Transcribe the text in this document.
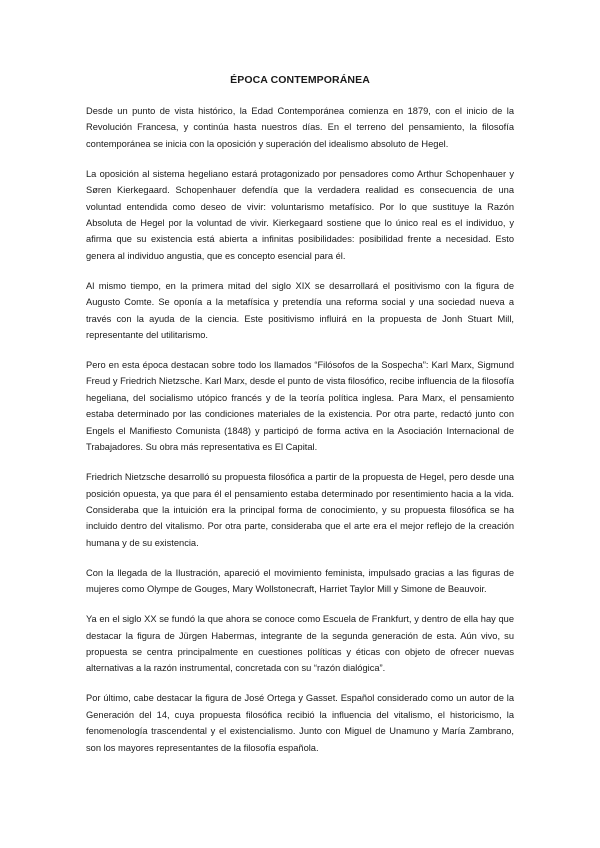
ÉPOCA CONTEMPORÁNEA

Desde un punto de vista histórico, la Edad Contemporánea comienza en 1879, con el inicio de la Revolución Francesa, y continúa hasta nuestros días. En el terreno del pensamiento, la filosofía contemporánea se inicia con la oposición y superación del idealismo absoluto de Hegel.

La oposición al sistema hegeliano estará protagonizado por pensadores como Arthur Schopenhauer y Søren Kierkegaard. Schopenhauer defendía que la verdadera realidad es consecuencia de una voluntad entendida como deseo de vivir: voluntarismo metafísico. Por lo que sustituye la Razón Absoluta de Hegel por la voluntad de vivir. Kierkegaard sostiene que lo único real es el individuo, y afirma que su existencia está abierta a infinitas posibilidades: posibilidad frente a necesidad. Esto genera al individuo angustia, que es concepto esencial para él.

Al mismo tiempo, en la primera mitad del siglo XIX se desarrollará el positivismo con la figura de Augusto Comte. Se oponía a la metafísica y pretendía una reforma social y una sociedad nueva a través con la ayuda de la ciencia. Este positivismo influirá en la propuesta de Jonh Stuart Mill, representante del utilitarismo.

Pero en esta época destacan sobre todo los llamados “Filósofos de la Sospecha”: Karl Marx, Sigmund Freud y Friedrich Nietzsche. Karl Marx, desde el punto de vista filosófico, recibe influencia de la filosofía hegeliana, del socialismo utópico francés y de la teoría política inglesa. Para Marx, el pensamiento estaba determinado por las condiciones materiales de la existencia. Por otra parte, redactó junto con Engels el Manifiesto Comunista (1848) y participó de forma activa en la Asociación Internacional de Trabajadores. Su obra más representativa es El Capital.

Friedrich Nietzsche desarrolló su propuesta filosófica a partir de la propuesta de Hegel, pero desde una posición opuesta, ya que para él el pensamiento estaba determinado por resentimiento hacia a la vida. Consideraba que la intuición era la principal forma de conocimiento, y su propuesta filosófica se ha incluido dentro del vitalismo. Por otra parte, consideraba que el arte era el mejor reflejo de la creación humana y de su existencia.

Con la llegada de la Ilustración, apareció el movimiento feminista, impulsado gracias a las figuras de mujeres como Olympe de Gouges, Mary Wollstonecraft, Harriet Taylor Mill y Simone de Beauvoir.

Ya en el siglo XX se fundó la que ahora se conoce como Escuela de Frankfurt, y dentro de ella hay que destacar la figura de Jürgen Habermas, integrante de la segunda generación de esta. Aún vivo, su propuesta se centra principalmente en cuestiones políticas y éticas con objeto de ofrecer nuevas alternativas a la razón instrumental, concretada con su “razón dialógica”.

Por último, cabe destacar la figura de José Ortega y Gasset. Español considerado como un autor de la Generación del 14, cuya propuesta filosófica recibió la influencia del vitalismo, el historicismo, la fenomenología trascendental y el existencialismo. Junto con Miguel de Unamuno y María Zambrano, son los mayores representantes de la filosofía española.
